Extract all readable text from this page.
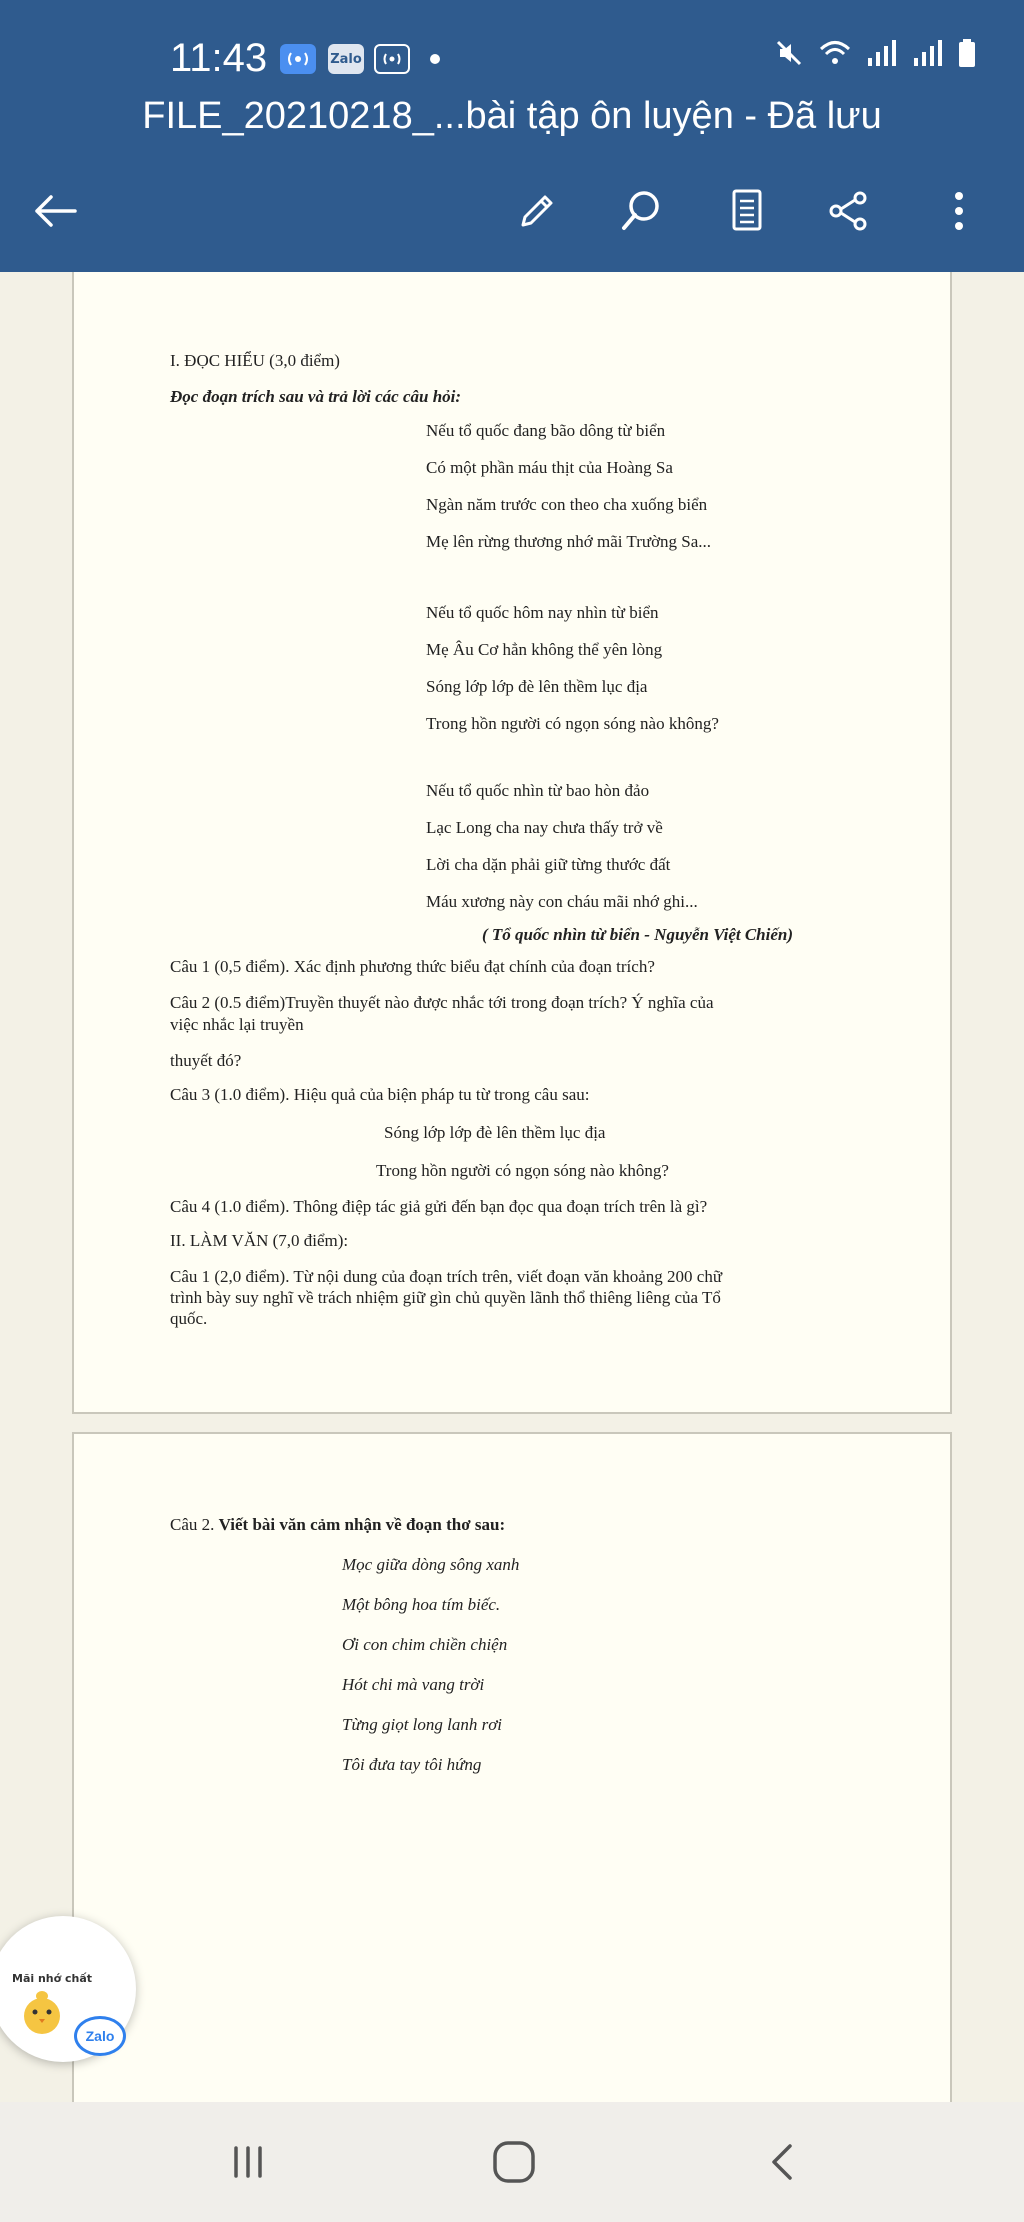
11:43	Zalo
FILE_20210218_...bài tập ôn luyện - Đã lưu
I. ĐỌC HIỂU (3,0 điểm)
Đọc đoạn trích sau và trả lời các câu hỏi:
Nếu tổ quốc đang bão dông từ biển
Có một phần máu thịt của Hoàng Sa
Ngàn năm trước con theo cha xuống biển
Mẹ lên rừng thương nhớ mãi Trường Sa...
Nếu tổ quốc hôm nay nhìn từ biển
Mẹ Âu Cơ hẳn không thể yên lòng
Sóng lớp lớp đè lên thềm lục địa
Trong hồn người có ngọn sóng nào không?
Nếu tổ quốc nhìn từ bao hòn đảo
Lạc Long cha nay chưa thấy trở về
Lời cha dặn phải giữ từng thước đất
Máu xương này con cháu mãi nhớ ghi...
( Tổ quốc nhìn từ biển - Nguyễn Việt Chiến)
Câu 1 (0,5 điểm). Xác định phương thức biểu đạt chính của đoạn trích?
Câu 2 (0.5 điểm)Truyền thuyết nào được nhắc tới trong đoạn trích? Ý nghĩa của
việc nhắc lại truyền
thuyết đó?
Câu 3 (1.0 điểm). Hiệu quả của biện pháp tu từ trong câu sau:
Sóng lớp lớp đè lên thềm lục địa
Trong hồn người có ngọn sóng nào không?
Câu 4 (1.0 điểm). Thông điệp tác giả gửi đến bạn đọc qua đoạn trích trên là gì?
II. LÀM VĂN (7,0 điểm):
Câu 1 (2,0 điểm). Từ nội dung của đoạn trích trên, viết đoạn văn khoảng 200 chữ
trình bày suy nghĩ về trách nhiệm giữ gìn chủ quyền lãnh thổ thiêng liêng của Tổ
quốc.
Câu 2. Viết bài văn cảm nhận về đoạn thơ sau:
Mọc giữa dòng sông xanh
Một bông hoa tím biếc.
Ơi con chim chiền chiện
Hót chi mà vang trời
Từng giọt long lanh rơi
Tôi đưa tay tôi hứng
Mãi nhớ chất
Zalo
